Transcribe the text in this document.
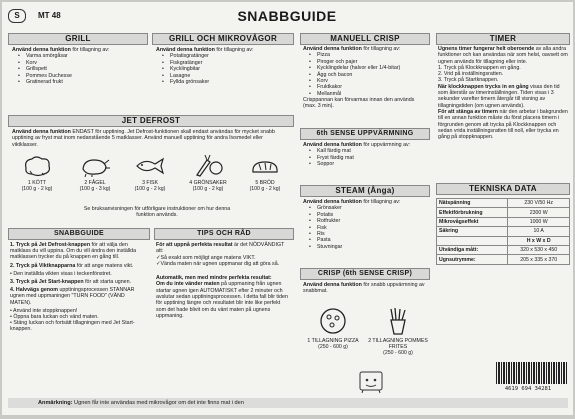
S	MT 48	SNABBGUIDE
GRILL
Använd denna funktion för tillagning av:
• Varma smörgåsar
• Korv
• Grillspett
• Pommes Duchesse
• Gratinerad frukt
GRILL OCH MIKROVÅGOR
Använd denna funktion för tillagning av:
• Potatisgratänger
• Fiskgratänger
• Kycklingbitar
• Lasagne
• Fyllda grönsaker
JET DEFROST
Använd denna funktion ENDAST för upptining. Jet Defrost-funktionen skall endast användas för mycket snabb upptining av fryst mat inom nedanstående 5 matklasser. Använd manuell upptining för andra livsmedel eller viktklasser.
1 KÖTT
(100 g - 2 kg)
2 FÅGEL
(100 g - 3 kg)
3 FISK
(100 g - 2 kg)
4 GRÖNSAKER
(100 g - 2 kg)
5 BRÖD
(100 g - 2 kg)
Se bruksanvisningen för utförligare instruktioner om hur denna funktion används.
SNABBGUIDE
1. Tryck på Jet Defrost-knappen för att välja den matklass du vill uppina. Om du vill ändra den inställda matklassen trycker du på knappen en gång till.
2. Tryck på Viktknapparna för att ange matens vikt.
• Den inställda vikten visas i teckenfönstret.
3. Tryck på Jet Start-knappen för att starta ugnen.
4. Halvvägs genom upptiningsprocessen STANNAR ugnen med uppmaningen "TURN FOOD" (VÄND MATEN).
• Använd inte stoppknappen!
• Öppna bara luckan och vänd maten.
• Stäng luckan och fortsätt tillagningen med Jet Start-knappen.
TIPS OCH RÅD
För att uppnå perfekta resultat är det NÖDVÄNDIGT att:
✓Så exakt som möjligt ange matens VIKT.
✓Vända maten när ugnen uppmanar dig att göra så.
Automatik, men med mindre perfekta resultat:
Om du inte vänder maten på uppmaning från ugnen startar ugnen igen AUTOMATISKT efter 2 minuter och avslutar sedan upptiningsprocessen. I detta fall blir tiden för upptining längre och resultatet blir inte like perfekt som det hade blivit om du vänt maten på ugnens uppmaning.
MANUELL CRISP
Använd denna funktion för tillagning av:
• Pizza
• Piroger och pajer
• Kycklingdelar (halvor eller 1/4-bitar)
• Ägg och bacon
• Korv
• Fruktkakor
• Mellanmål
Crisppannan kan förvarmas innan den används (max. 3 min).
6th SENSE UPPVÄRMNING
Använd denna funktion för uppvärmning av:
• Kall färdig mat
• Fryst färdig mat
• Soppor
STEAM (Ånga)
Använd denna funktion för tillagning av:
• Grönsaker
• Potatis
• Rotfrukter
• Fisk
• Ris
• Pasta
• Stuvningar
CRISP (6th SENSE CRISP)
Använd denna funktion för snabb uppvärmning av snabbmat.
1 TILLAGNING PIZZA
(250 - 600 g)
2 TILLAGNING POMMES FRITES
(250 - 600 g)
TIMER
Ugnens timer fungerar helt oberoende av alla andra funktioner och kan användas när som helst, oavsett om ugnen används för tillagning eller inte.
1. Tryck på Klockknappen en gång.
2. Vrid på inställningsratten.
3. Tryck på Startknappen.
När klockknappen trycks in en gång visas den tid som återstår av timerinställningen. Tiden visas i 3 sekunder varefter timern återgår till visning av tillagningstiden (om ugnen används).
För att stänga av timern när den arbetar i bakgrunden till en annan funktion måste du först placera timern i förgrunden genom att trycka på Klockknappen och sedan vrida inställningsratten till noll, eller trycka en gång på stoppknappen.
TEKNISKA DATA
Nätspänning	230 V/50 Hz
Effektförbrukning	2300 W
Mikrovågseffekt	1000 W
Säkring	10 A
	H x W x D
Utvändiga mått:	320 x 530 x 450
Ugnsutrymme:	205 x 335 x 370
4619 694 34281
Anmärkning: Ugnen får inte användas med mikrovågor om det inte finns mat i den
